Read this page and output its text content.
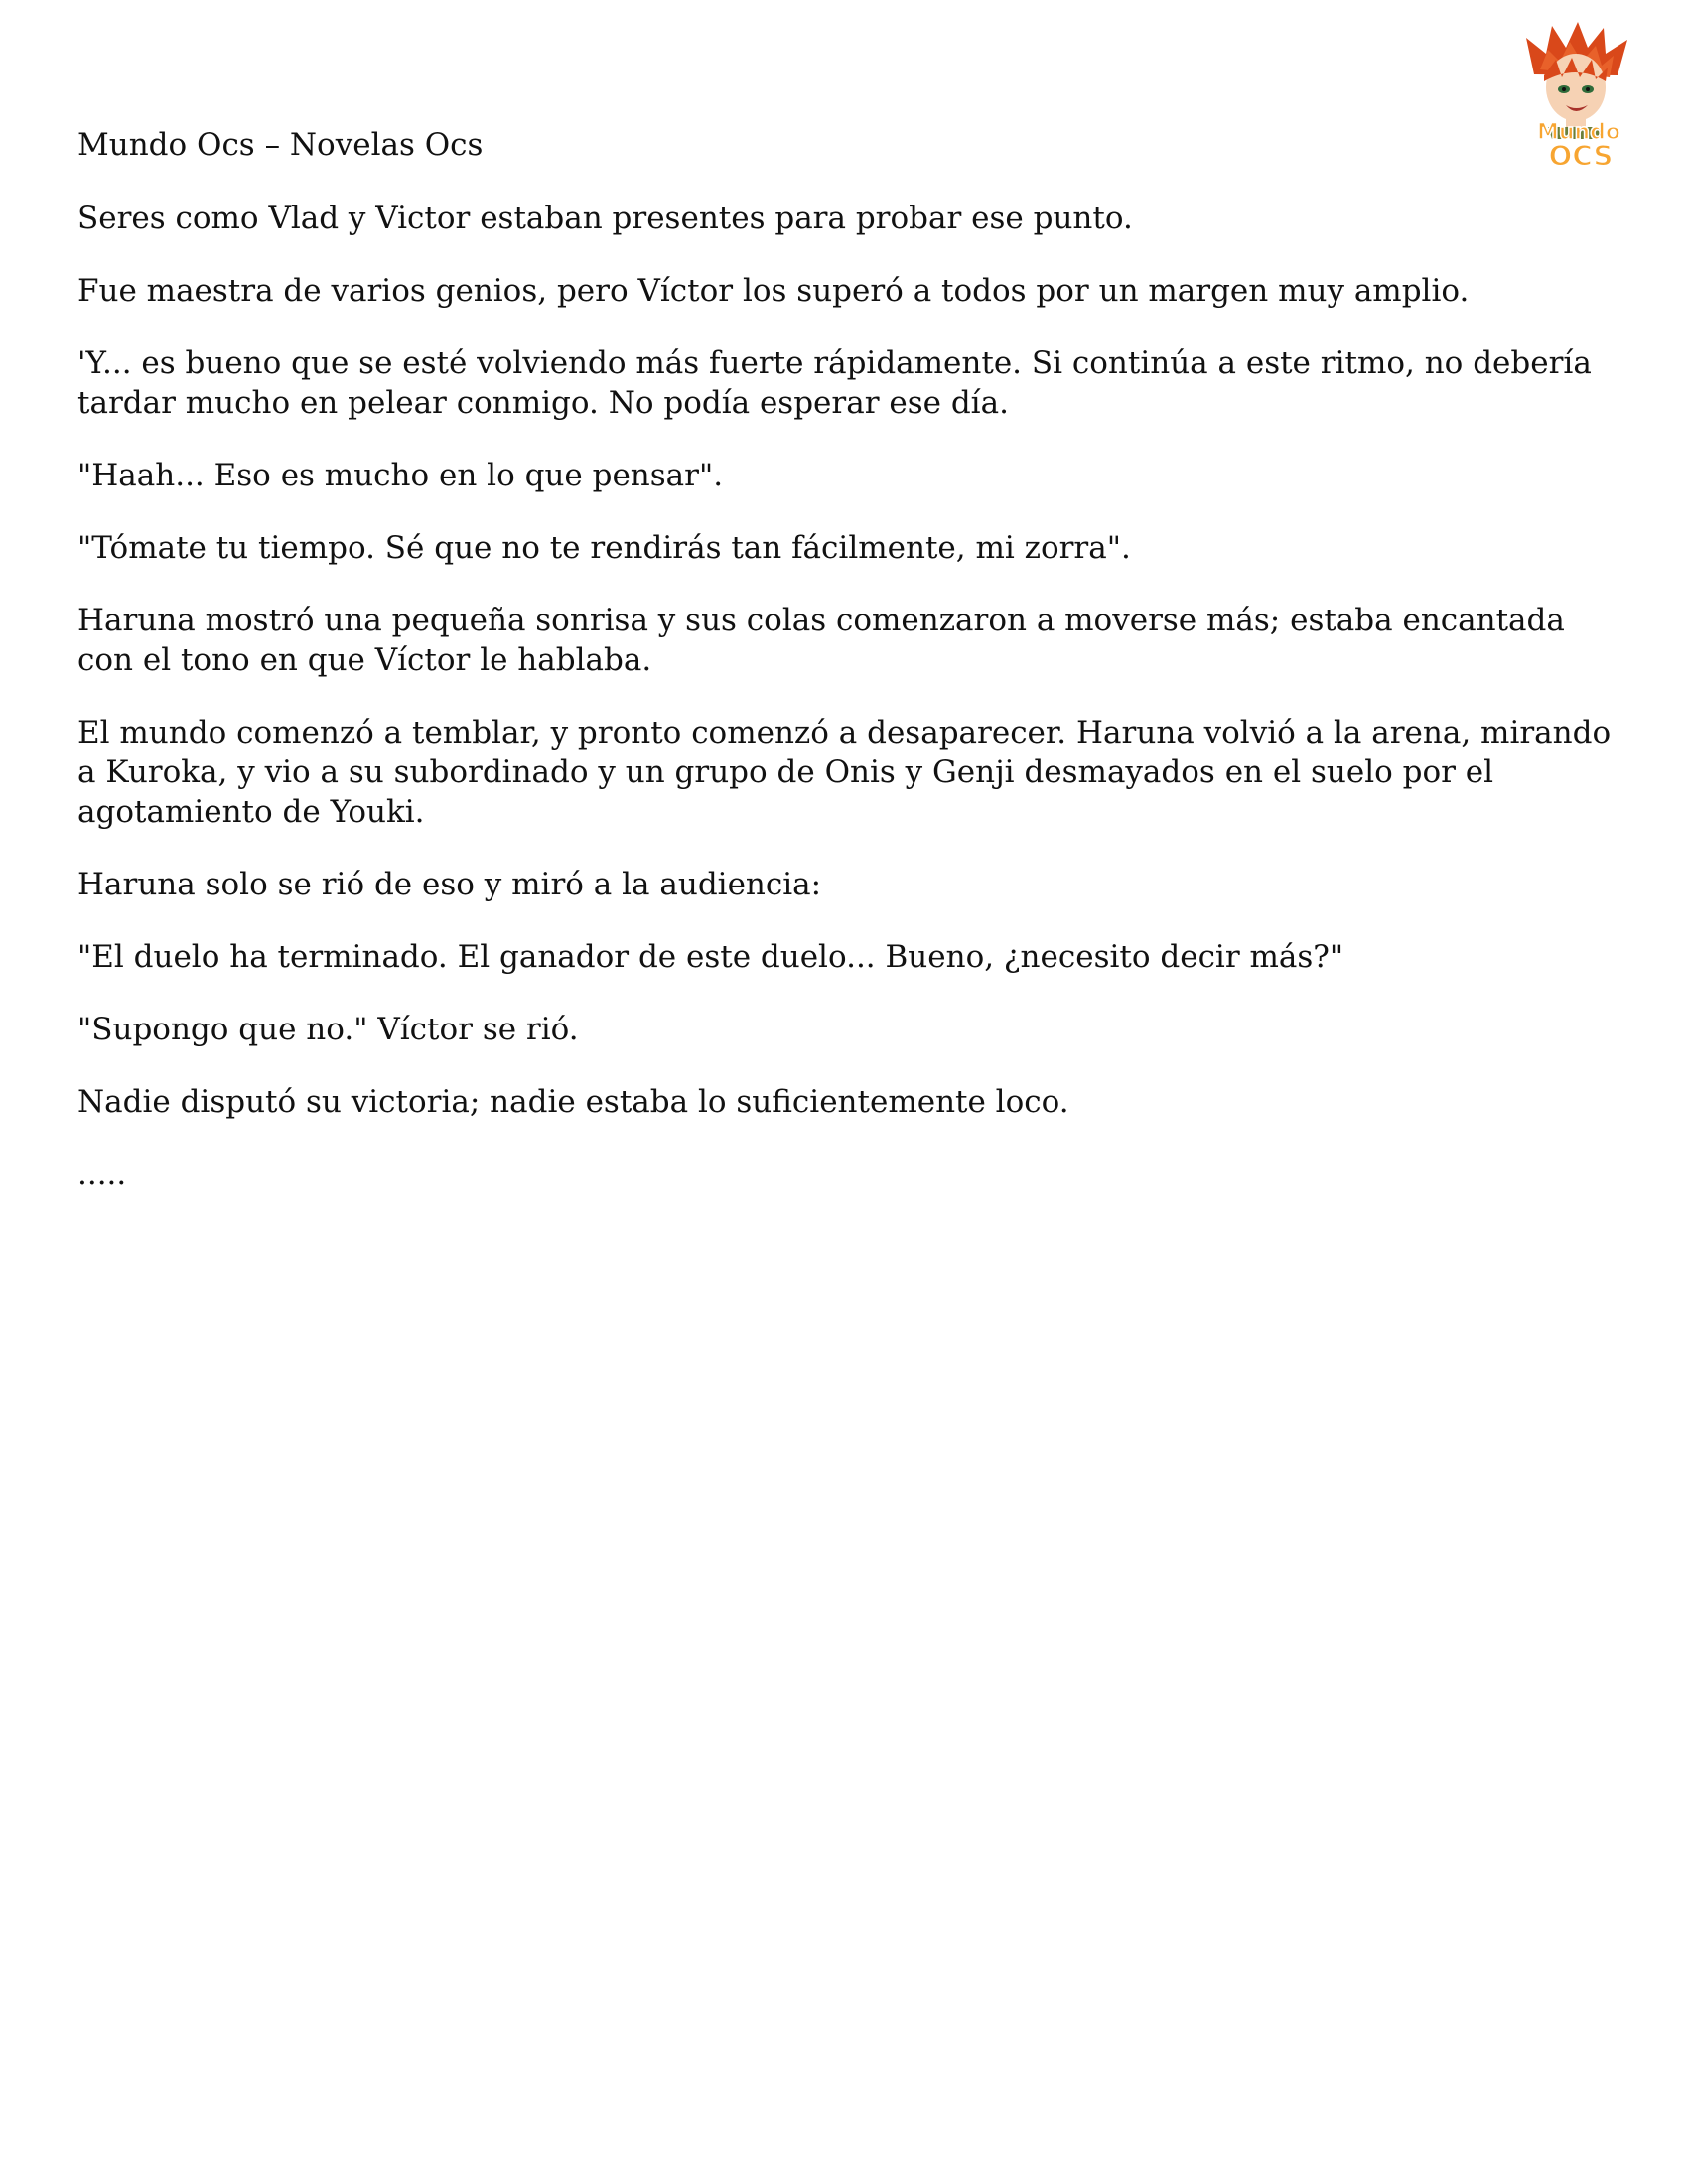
Mundo
OCS
Mundo Ocs – Novelas Ocs

Seres como Vlad y Victor estaban presentes para probar ese punto.

Fue maestra de varios genios, pero Víctor los superó a todos por un margen muy amplio.

'Y... es bueno que se esté volviendo más fuerte rápidamente. Si continúa a este ritmo, no debería tardar mucho en pelear conmigo. No podía esperar ese día.

"Haah... Eso es mucho en lo que pensar".

"Tómate tu tiempo. Sé que no te rendirás tan fácilmente, mi zorra".

Haruna mostró una pequeña sonrisa y sus colas comenzaron a moverse más; estaba encantada con el tono en que Víctor le hablaba.

El mundo comenzó a temblar, y pronto comenzó a desaparecer. Haruna volvió a la arena, mirando a Kuroka, y vio a su subordinado y un grupo de Onis y Genji desmayados en el suelo por el agotamiento de Youki.

Haruna solo se rió de eso y miró a la audiencia:

"El duelo ha terminado. El ganador de este duelo... Bueno, ¿necesito decir más?"

"Supongo que no." Víctor se rió.

Nadie disputó su victoria; nadie estaba lo suficientemente loco.

.....
